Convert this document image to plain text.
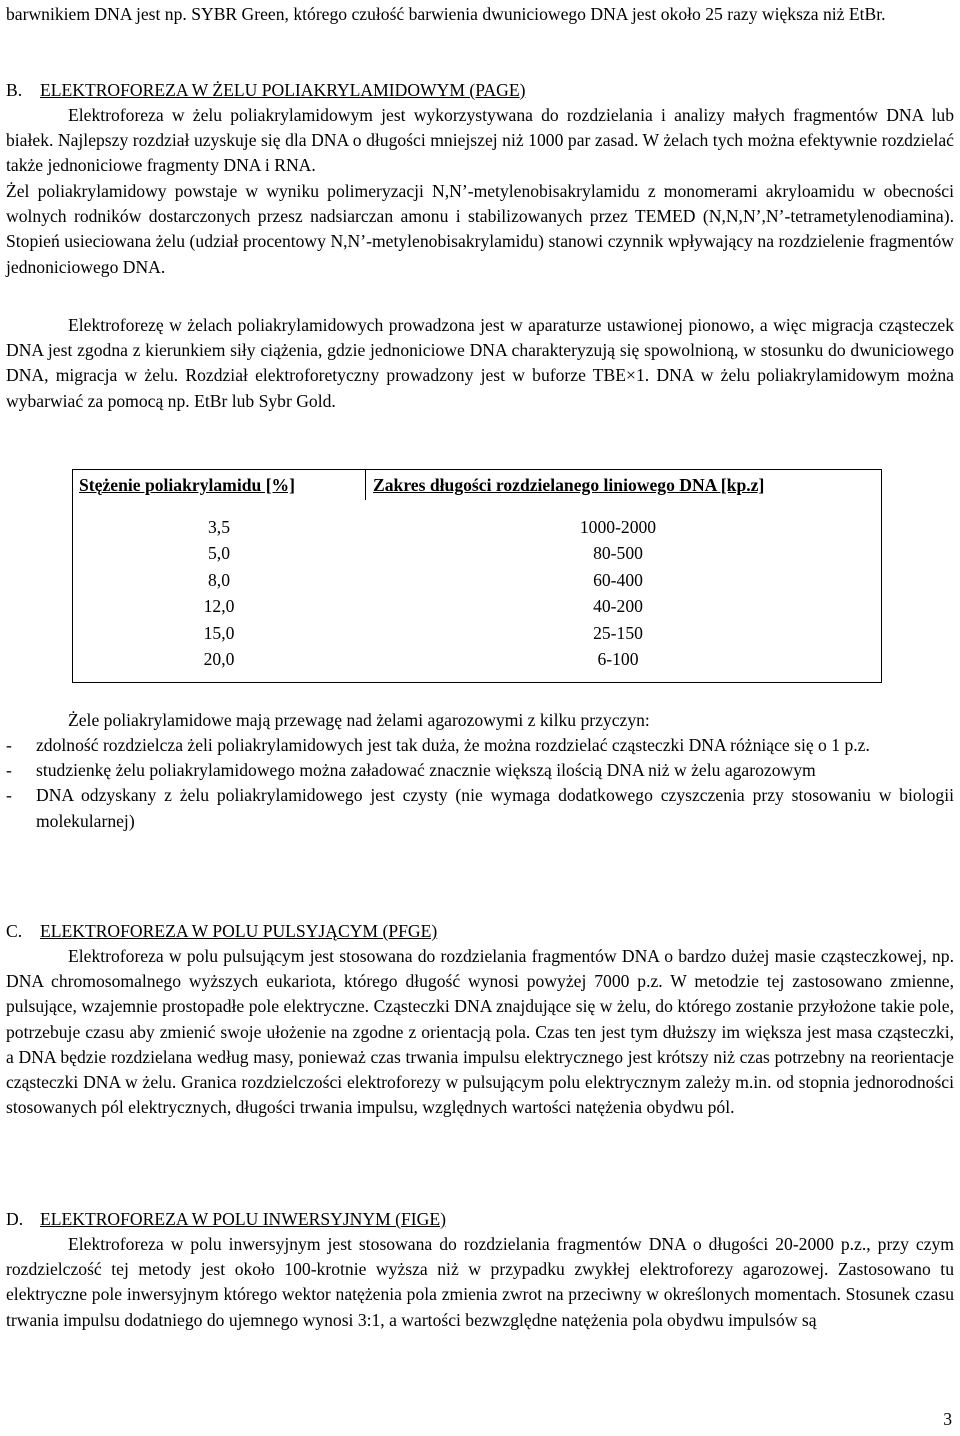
barwnikiem DNA jest np. SYBR Green, którego czułość barwienia dwuniciowego DNA jest około 25 razy większa niż EtBr.

B. ELEKTROFOREZA W ŻELU POLIAKRYLAMIDOWYM (PAGE)

Elektroforeza w żelu poliakrylamidowym jest wykorzystywana do rozdzielania i analizy małych fragmentów DNA lub białek. Najlepszy rozdział uzyskuje się dla DNA o długości mniejszej niż 1000 par zasad. W żelach tych można efektywnie rozdzielać także jednoniciowe fragmenty DNA i RNA.

Żel poliakrylamidowy powstaje w wyniku polimeryzacji N,N’-metylenobisakrylamidu z monomerami akryloamidu w obecności wolnych rodników dostarczonych przesz nadsiarczan amonu i stabilizowanych przez TEMED (N,N,N’,N’-tetrametylenodiamina). Stopień usieciowana żelu (udział procentowy N,N’-metylenobisakrylamidu) stanowi czynnik wpływający na rozdzielenie fragmentów jednoniciowego DNA.

Elektroforezę w żelach poliakrylamidowych prowadzona jest w aparaturze ustawionej pionowo, a więc migracja cząsteczek DNA jest zgodna z kierunkiem siły ciążenia, gdzie jednoniciowe DNA charakteryzują się spowolnioną, w stosunku do dwuniciowego DNA, migracja w żelu. Rozdział elektroforetyczny prowadzony jest w buforze TBE×1. DNA w żelu poliakrylamidowym można wybarwiać za pomocą np. EtBr lub Sybr Gold.

Stężenie poliakrylamidu [%]	Zakres długości rozdzielanego liniowego DNA [kp.z]
3,5
5,0
8,0
12,0
15,0
20,0
1000-2000
80-500
60-400
40-200
25-150
6-100

Żele poliakrylamidowe mają przewagę nad żelami agarozowymi z kilku przyczyn:

- zdolność rozdzielcza żeli poliakrylamidowych jest tak duża, że można rozdzielać cząsteczki DNA różniące się o 1 p.z.
- studzienkę żelu poliakrylamidowego można załadować znacznie większą ilością DNA niż w żelu agarozowym
- DNA odzyskany z żelu poliakrylamidowego jest czysty (nie wymaga dodatkowego czyszczenia przy stosowaniu w biologii molekularnej)
C. ELEKTROFOREZA W POLU PULSYJĄCYM (PFGE)

Elektroforeza w polu pulsującym jest stosowana do rozdzielania fragmentów DNA o bardzo dużej masie cząsteczkowej, np. DNA chromosomalnego wyższych eukariota, którego długość wynosi powyżej 7000 p.z. W metodzie tej zastosowano zmienne, pulsujące, wzajemnie prostopadłe pole elektryczne. Cząsteczki DNA znajdujące się w żelu, do którego zostanie przyłożone takie pole, potrzebuje czasu aby zmienić swoje ułożenie na zgodne z orientacją pola. Czas ten jest tym dłuższy im większa jest masa cząsteczki, a DNA będzie rozdzielana według masy, ponieważ czas trwania impulsu elektrycznego jest krótszy niż czas potrzebny na reorientacje cząsteczki DNA w żelu. Granica rozdzielczości elektroforezy w pulsującym polu elektrycznym zależy m.in. od stopnia jednorodności stosowanych pól elektrycznych, długości trwania impulsu, względnych wartości natężenia obydwu pól.

D. ELEKTROFOREZA W POLU INWERSYJNYM (FIGE)

Elektroforeza w polu inwersyjnym jest stosowana do rozdzielania fragmentów DNA o długości 20-2000 p.z., przy czym rozdzielczość tej metody jest około 100-krotnie wyższa niż w przypadku zwykłej elektroforezy agarozowej. Zastosowano tu elektryczne pole inwersyjnym którego wektor natężenia pola zmienia zwrot na przeciwny w określonych momentach. Stosunek czasu trwania impulsu dodatniego do ujemnego wynosi 3:1, a wartości bezwzględne natężenia pola obydwu impulsów są

3
